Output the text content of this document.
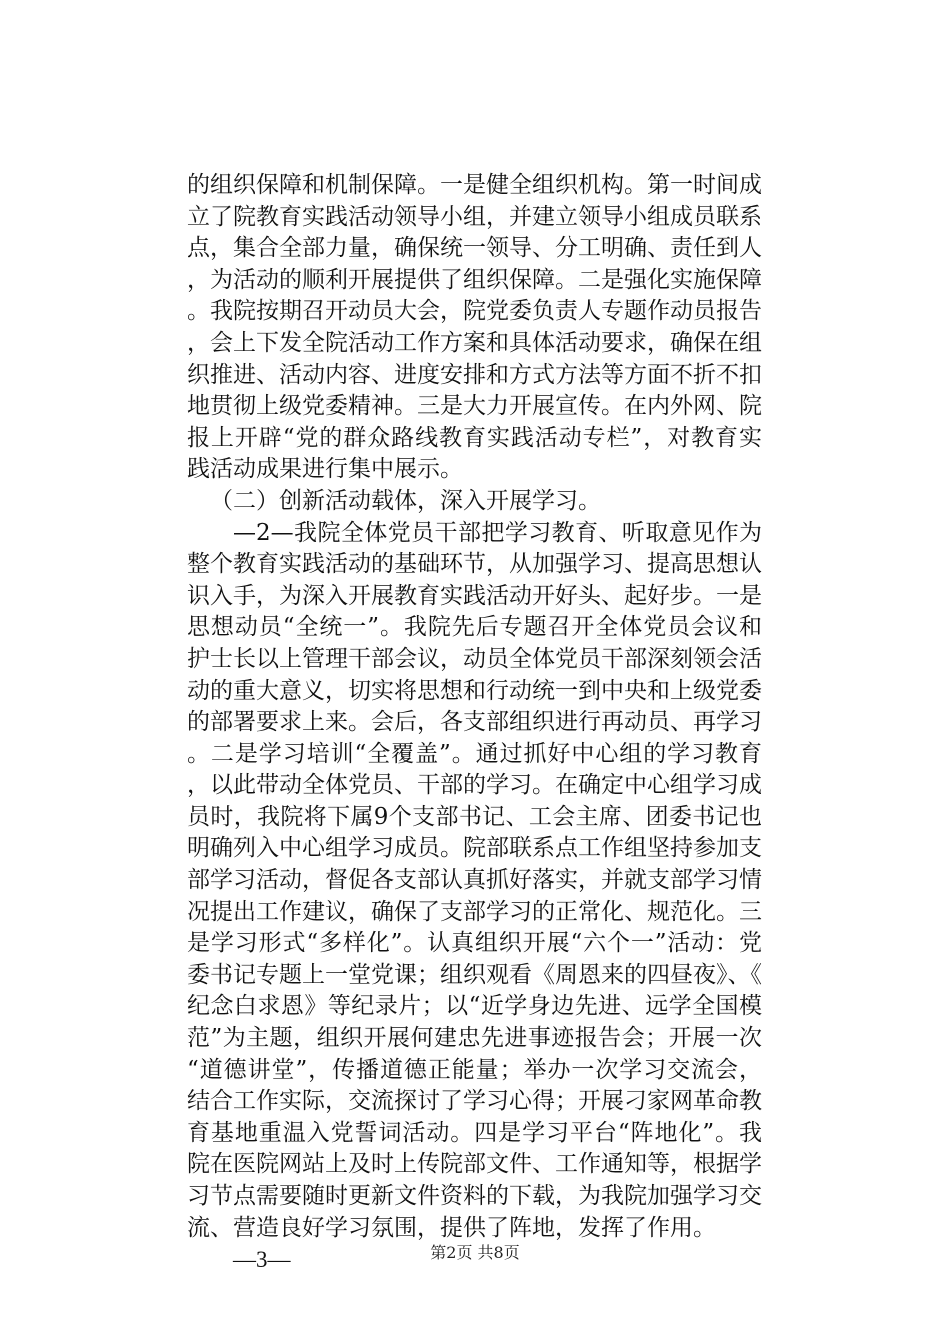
的组织保障和机制保障。一是健全组织机构。第一时间成立了院教育实践活动领导小组，并建立领导小组成员联系点，集合全部力量，确保统一领导、分工明确、责任到人，为活动的顺利开展提供了组织保障。二是强化实施保障。我院按期召开动员大会，院党委负责人专题作动员报告，会上下发全院活动工作方案和具体活动要求，确保在组织推进、活动内容、进度安排和方式方法等方面不折不扣地贯彻上级党委精神。三是大力开展宣传。在内外网、院报上开辟“党的群众路线教育实践活动专栏”，对教育实践活动成果进行集中展示。

（二）创新活动载体，深入开展学习。

—2—我院全体党员干部把学习教育、听取意见作为整个教育实践活动的基础环节，从加强学习、提高思想认识入手，为深入开展教育实践活动开好头、起好步。一是思想动员“全统一”。我院先后专题召开全体党员会议和护士长以上管理干部会议，动员全体党员干部深刻领会活动的重大意义，切实将思想和行动统一到中央和上级党委的部署要求上来。会后，各支部组织进行再动员、再学习。二是学习培训“全覆盖”。通过抓好中心组的学习教育，以此带动全体党员、干部的学习。在确定中心组学习成员时，我院将下属9个支部书记、工会主席、团委书记也明确列入中心组学习成员。院部联系点工作组坚持参加支部学习活动，督促各支部认真抓好落实，并就支部学习情况提出工作建议，确保了支部学习的正常化、规范化。三是学习形式“多样化”。认真组织开展“六个一”活动：党委书记专题上一堂党课；组织观看《周恩来的四昼夜》、《纪念白求恩》等纪录片；以“近学身边先进、远学全国模范”为主题，组织开展何建忠先进事迹报告会；开展一次“道德讲堂”，传播道德正能量；举办一次学习交流会，结合工作实际，交流探讨了学习心得；开展刁家网革命教育基地重温入党誓词活动。四是学习平台“阵地化”。我院在医院网站上及时上传院部文件、工作通知等，根据学习节点需要随时更新文件资料的下载，为我院加强学习交流、营造良好学习氛围，提供了阵地，发挥了作用。

—3—	第2页 共8页
